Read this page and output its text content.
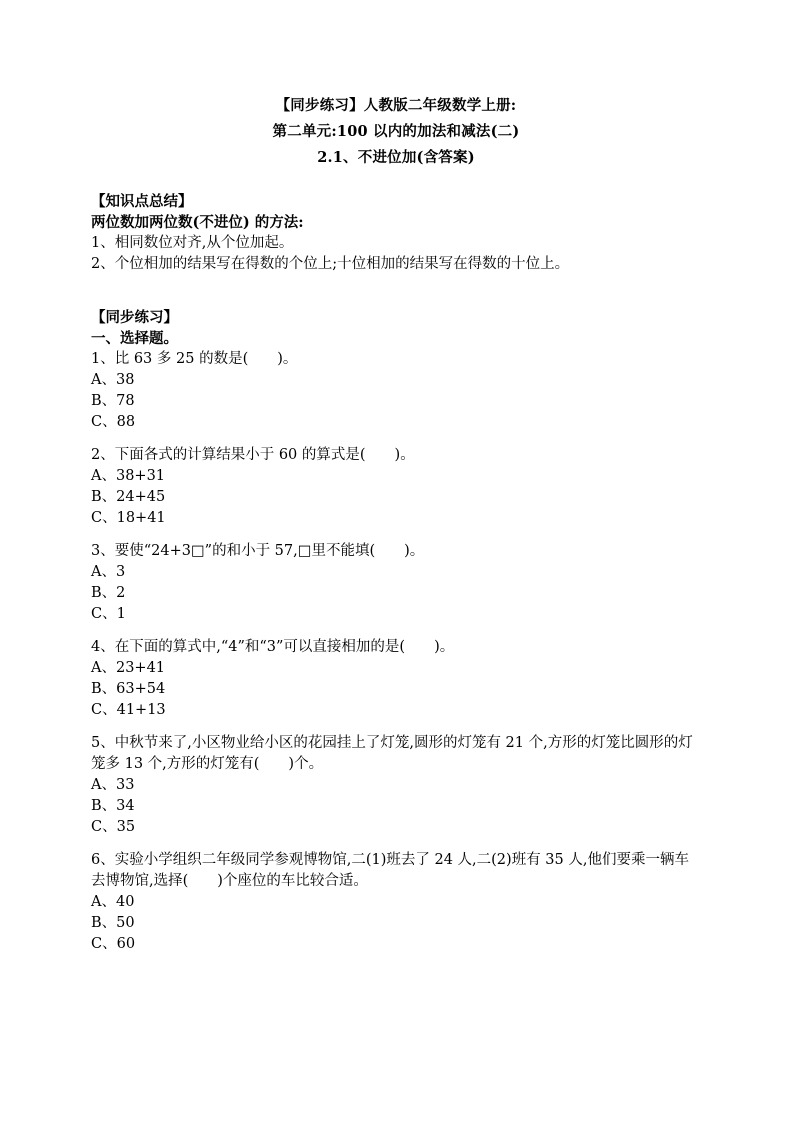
【同步练习】人教版二年级数学上册:

第二单元:100 以内的加法和减法(二)

2.1、不进位加(含答案)

【知识点总结】

两位数加两位数(不进位) 的方法:

1、相同数位对齐,从个位加起。

2、个位相加的结果写在得数的个位上;十位相加的结果写在得数的十位上。

【同步练习】

一、选择题。

1、比 63 多 25 的数是(　　)。

A、38

B、78

C、88

2、下面各式的计算结果小于 60 的算式是(　　)。

A、38+31

B、24+45

C、18+41

3、要使“24+3□”的和小于 57,□里不能填(　　)。

A、3

B、2

C、1

4、在下面的算式中,“4”和“3”可以直接相加的是(　　)。

A、23+41

B、63+54

C、41+13

5、中秋节来了,小区物业给小区的花园挂上了灯笼,圆形的灯笼有 21 个,方形的灯笼比圆形的灯笼多 13 个,方形的灯笼有(　　)个。

A、33

B、34

C、35

6、实验小学组织二年级同学参观博物馆,二(1)班去了 24 人,二(2)班有 35 人,他们要乘一辆车去博物馆,选择(　　)个座位的车比较合适。

A、40

B、50

C、60
